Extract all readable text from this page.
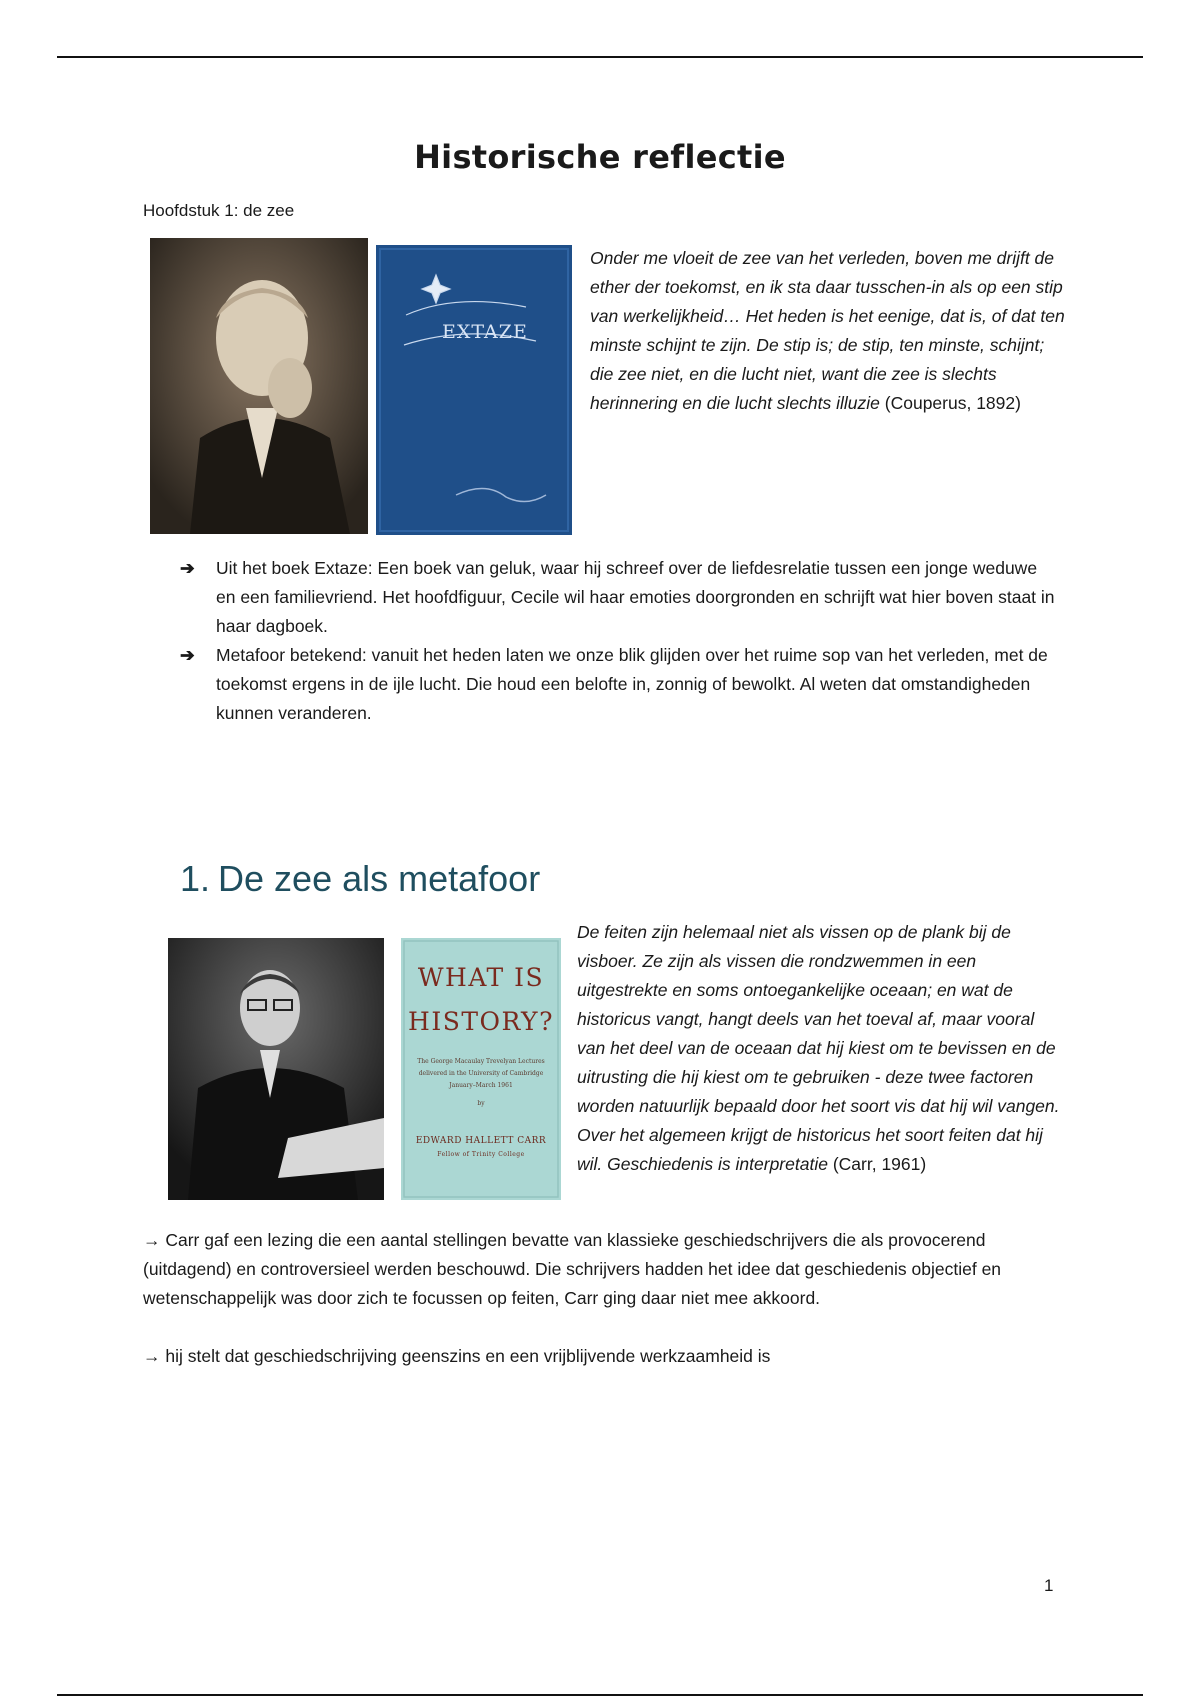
Historische reflectie
Hoofdstuk 1: de zee
EXTAZE
Onder me vloeit de zee van het verleden, boven me drijft de ether der toekomst, en ik sta daar tusschen-in als op een stip van werkelijkheid… Het heden is het eenige, dat is, of dat ten minste schijnt te zijn. De stip is; de stip, ten minste, schijnt; die zee niet, en die lucht niet, want die zee is slechts herinnering en die lucht slechts illuzie (Couperus, 1892)
➔ Uit het boek Extaze: Een boek van geluk, waar hij schreef over de liefdesrelatie tussen een jonge weduwe en een familievriend. Het hoofdfiguur, Cecile wil haar emoties doorgronden en schrijft wat hier boven staat in haar dagboek.
➔ Metafoor betekend: vanuit het heden laten we onze blik glijden over het ruime sop van het verleden, met de toekomst ergens in de ijle lucht. Die houd een belofte in, zonnig of bewolkt. Al weten dat omstandigheden kunnen veranderen.
1. De zee als metafoor
WHAT IS
HISTORY?
The George Macaulay Trevelyan Lectures delivered in the University of Cambridge January–March 1961
by
EDWARD HALLETT CARR
Fellow of Trinity College
De feiten zijn helemaal niet als vissen op de plank bij de visboer. Ze zijn als vissen die rondzwemmen in een uitgestrekte en soms ontoegankelijke oceaan; en wat de historicus vangt, hangt deels van het toeval af, maar vooral van het deel van de oceaan dat hij kiest om te bevissen en de uitrusting die hij kiest om te gebruiken - deze twee factoren worden natuurlijk bepaald door het soort vis dat hij wil vangen. Over het algemeen krijgt de historicus het soort feiten dat hij wil. Geschiedenis is interpretatie (Carr, 1961)
→ Carr gaf een lezing die een aantal stellingen bevatte van klassieke geschiedschrijvers die als provocerend (uitdagend) en controversieel werden beschouwd. Die schrijvers hadden het idee dat geschiedenis objectief en wetenschappelijk was door zich te focussen op feiten, Carr ging daar niet mee akkoord.
→ hij stelt dat geschiedschrijving geenszins en een vrijblijvende werkzaamheid is
1
